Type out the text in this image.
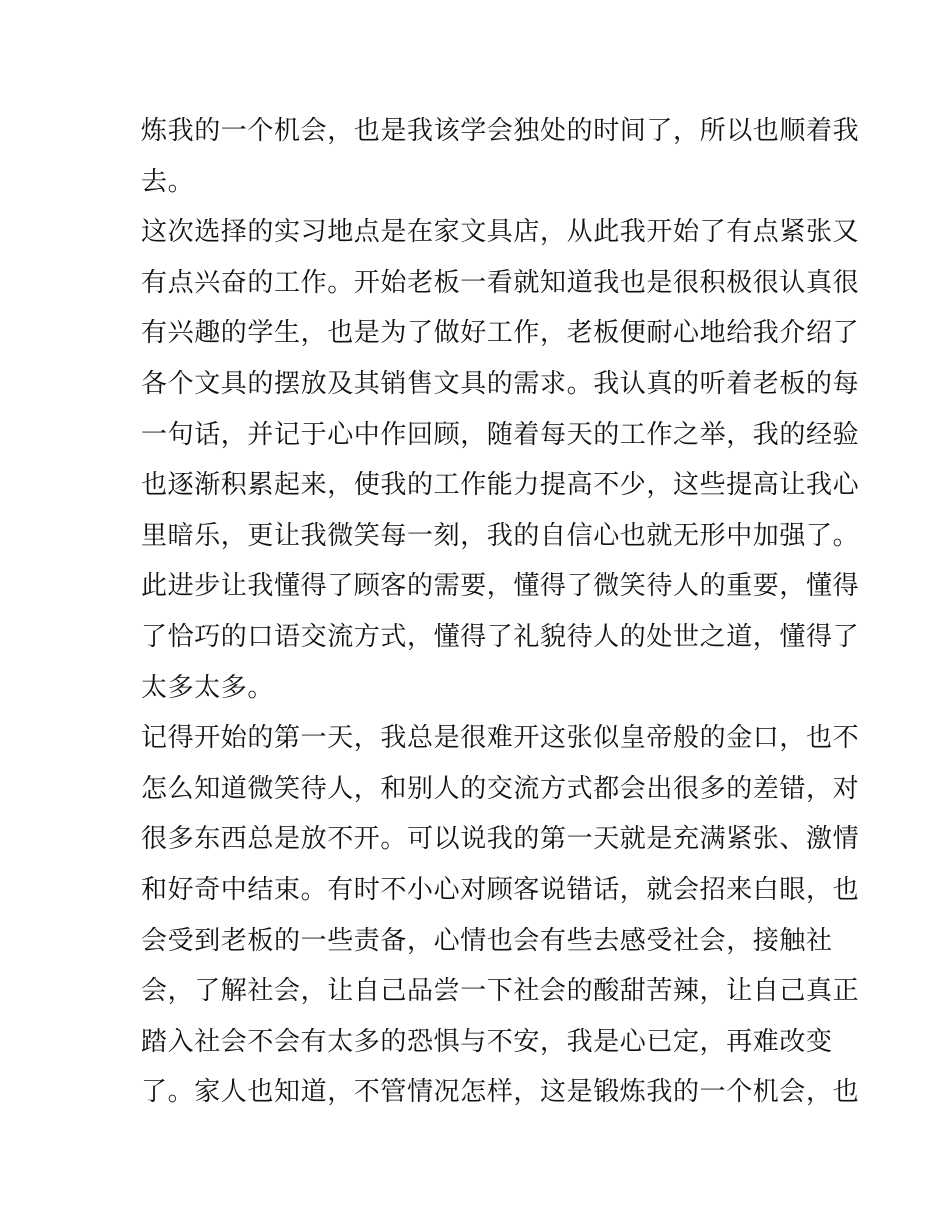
炼我的一个机会，也是我该学会独处的时间了，所以也顺着我
去。
这次选择的实习地点是在家文具店，从此我开始了有点紧张又
有点兴奋的工作。开始老板一看就知道我也是很积极很认真很
有兴趣的学生，也是为了做好工作，老板便耐心地给我介绍了
各个文具的摆放及其销售文具的需求。我认真的听着老板的每
一句话，并记于心中作回顾，随着每天的工作之举，我的经验
也逐渐积累起来，使我的工作能力提高不少，这些提高让我心
里暗乐，更让我微笑每一刻，我的自信心也就无形中加强了。
此进步让我懂得了顾客的需要，懂得了微笑待人的重要，懂得
了恰巧的口语交流方式，懂得了礼貌待人的处世之道，懂得了
太多太多。
记得开始的第一天，我总是很难开这张似皇帝般的金口，也不
怎么知道微笑待人，和别人的交流方式都会出很多的差错，对
很多东西总是放不开。可以说我的第一天就是充满紧张、激情
和好奇中结束。有时不小心对顾客说错话，就会招来白眼，也
会受到老板的一些责备，心情也会有些去感受社会，接触社
会，了解社会，让自己品尝一下社会的酸甜苦辣，让自己真正
踏入社会不会有太多的恐惧与不安，我是心已定，再难改变
了。家人也知道，不管情况怎样，这是锻炼我的一个机会，也
